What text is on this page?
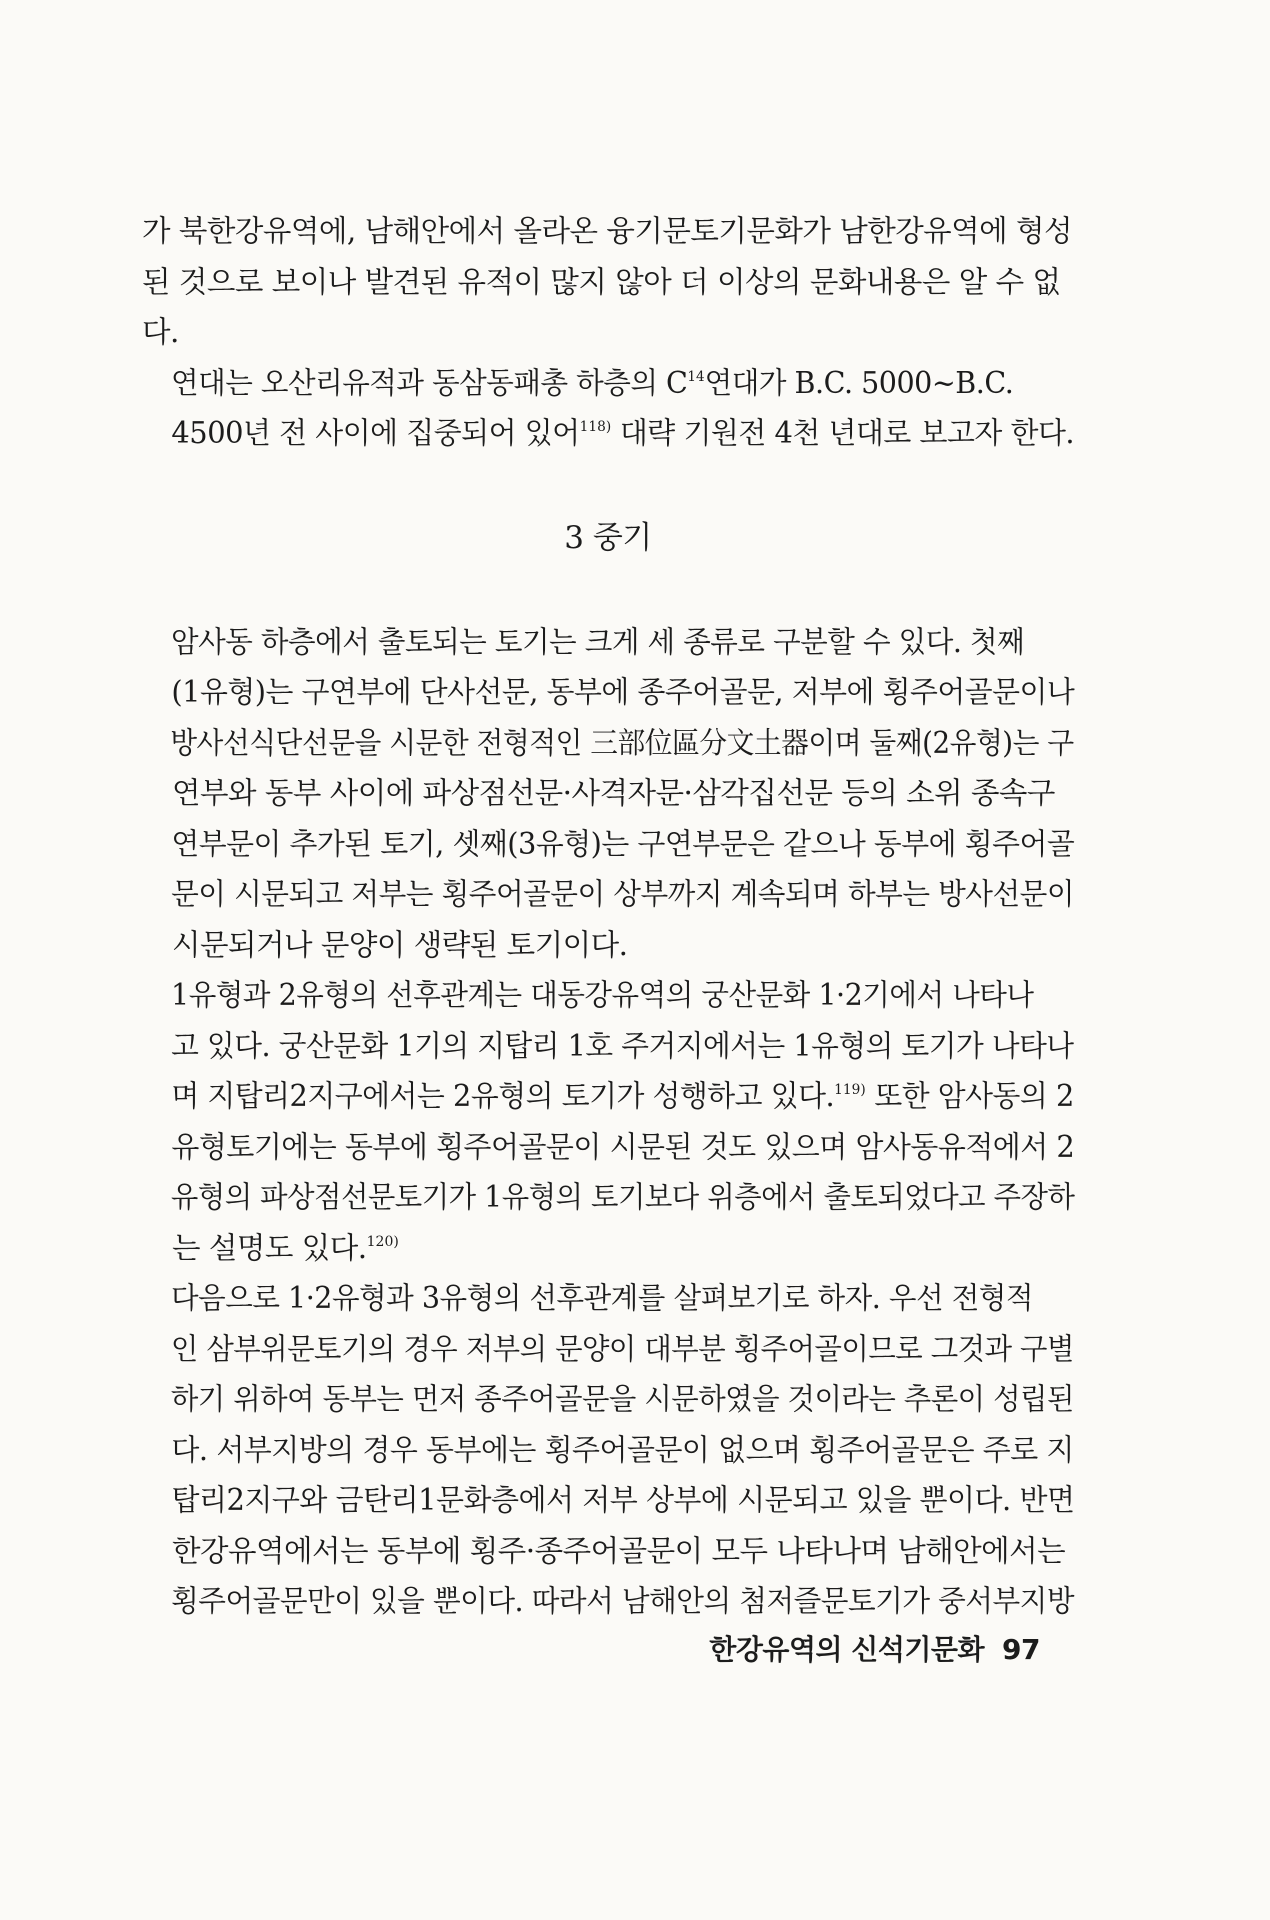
가 북한강유역에, 남해안에서 올라온 융기문토기문화가 남한강유역에 형성
된 것으로 보이나 발견된 유적이 많지 않아 더 이상의 문화내용은 알 수 없
다.

연대는 오산리유적과 동삼동패총 하층의 $C^{14}$연대가 B.C. 5000~B.C.
4500년 전 사이에 집중되어 있어$^{118)}$ 대략 기원전 4천 년대로 보고자 한다.

3 중기

암사동 하층에서 출토되는 토기는 크게 세 종류로 구분할 수 있다. 첫째
(1유형)는 구연부에 단사선문, 동부에 종주어골문, 저부에 횡주어골문이나
방사선식단선문을 시문한 전형적인 三部位區分文土器이며 둘째(2유형)는 구
연부와 동부 사이에 파상점선문·사격자문·삼각집선문 등의 소위 종속구
연부문이 추가된 토기, 셋째(3유형)는 구연부문은 같으나 동부에 횡주어골
문이 시문되고 저부는 횡주어골문이 상부까지 계속되며 하부는 방사선문이
시문되거나 문양이 생략된 토기이다.

1유형과 2유형의 선후관계는 대동강유역의 궁산문화 1·2기에서 나타나
고 있다. 궁산문화 1기의 지탑리 1호 주거지에서는 1유형의 토기가 나타나
며 지탑리2지구에서는 2유형의 토기가 성행하고 있다.$^{119)}$ 또한 암사동의 2
유형토기에는 동부에 횡주어골문이 시문된 것도 있으며 암사동유적에서 2
유형의 파상점선문토기가 1유형의 토기보다 위층에서 출토되었다고 주장하
는 설명도 있다.$^{120)}$

다음으로 1·2유형과 3유형의 선후관계를 살펴보기로 하자. 우선 전형적
인 삼부위문토기의 경우 저부의 문양이 대부분 횡주어골이므로 그것과 구별
하기 위하여 동부는 먼저 종주어골문을 시문하였을 것이라는 추론이 성립된
다. 서부지방의 경우 동부에는 횡주어골문이 없으며 횡주어골문은 주로 지
탑리2지구와 금탄리1문화층에서 저부 상부에 시문되고 있을 뿐이다. 반면
한강유역에서는 동부에 횡주·종주어골문이 모두 나타나며 남해안에서는
횡주어골문만이 있을 뿐이다. 따라서 남해안의 첨저즐문토기가 중서부지방

한강유역의 신석기문화 97
